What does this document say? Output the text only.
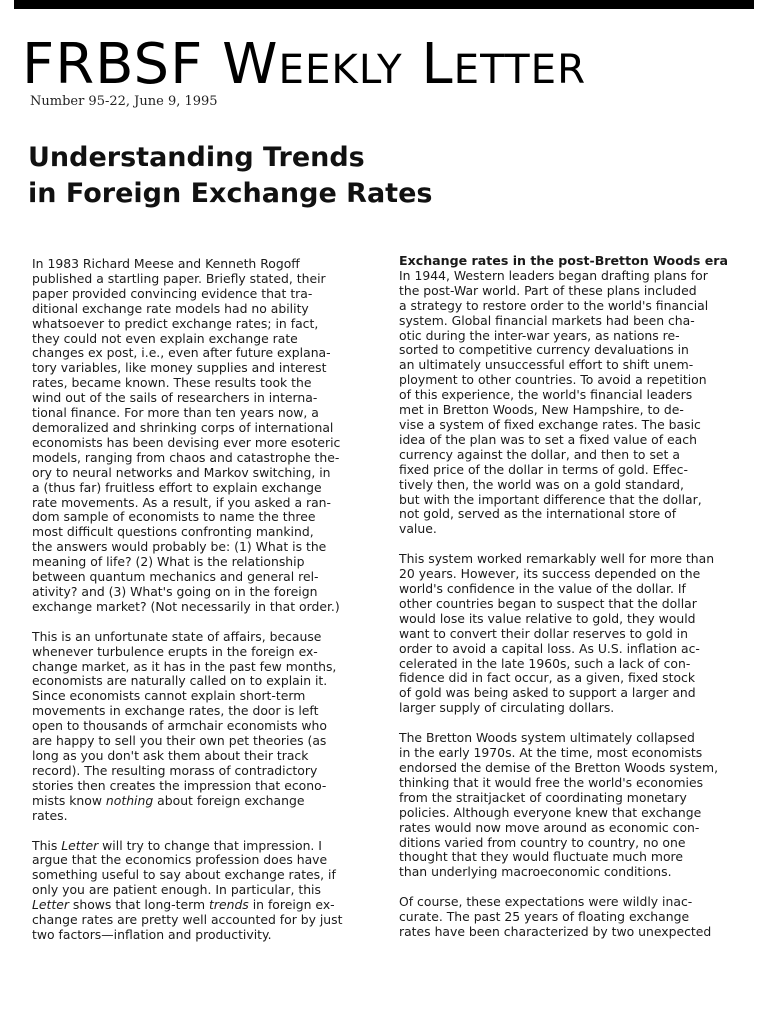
FRBSF WEEKLY LETTER
Number 95-22, June 9, 1995
Understanding Trends
in Foreign Exchange Rates

In 1983 Richard Meese and Kenneth Rogoff
published a startling paper. Briefly stated, their
paper provided convincing evidence that tra-
ditional exchange rate models had no ability
whatsoever to predict exchange rates; in fact,
they could not even explain exchange rate
changes ex post, i.e., even after future explana-
tory variables, like money supplies and interest
rates, became known. These results took the
wind out of the sails of researchers in interna-
tional finance. For more than ten years now, a
demoralized and shrinking corps of international
economists has been devising ever more esoteric
models, ranging from chaos and catastrophe the-
ory to neural networks and Markov switching, in
a (thus far) fruitless effort to explain exchange
rate movements. As a result, if you asked a ran-
dom sample of economists to name the three
most difficult questions confronting mankind,
the answers would probably be: (1) What is the
meaning of life? (2) What is the relationship
between quantum mechanics and general rel-
ativity? and (3) What's going on in the foreign
exchange market? (Not necessarily in that order.)

This is an unfortunate state of affairs, because
whenever turbulence erupts in the foreign ex-
change market, as it has in the past few months,
economists are naturally called on to explain it.
Since economists cannot explain short-term
movements in exchange rates, the door is left
open to thousands of armchair economists who
are happy to sell you their own pet theories (as
long as you don't ask them about their track
record). The resulting morass of contradictory
stories then creates the impression that econo-
mists know nothing about foreign exchange
rates.

This Letter will try to change that impression. I
argue that the economics profession does have
something useful to say about exchange rates, if
only you are patient enough. In particular, this
Letter shows that long-term trends in foreign ex-
change rates are pretty well accounted for by just
two factors—inflation and productivity.

Exchange rates in the post-Bretton Woods era

In 1944, Western leaders began drafting plans for
the post-War world. Part of these plans included
a strategy to restore order to the world's financial
system. Global financial markets had been cha-
otic during the inter-war years, as nations re-
sorted to competitive currency devaluations in
an ultimately unsuccessful effort to shift unem-
ployment to other countries. To avoid a repetition
of this experience, the world's financial leaders
met in Bretton Woods, New Hampshire, to de-
vise a system of fixed exchange rates. The basic
idea of the plan was to set a fixed value of each
currency against the dollar, and then to set a
fixed price of the dollar in terms of gold. Effec-
tively then, the world was on a gold standard,
but with the important difference that the dollar,
not gold, served as the international store of
value.

This system worked remarkably well for more than
20 years. However, its success depended on the
world's confidence in the value of the dollar. If
other countries began to suspect that the dollar
would lose its value relative to gold, they would
want to convert their dollar reserves to gold in
order to avoid a capital loss. As U.S. inflation ac-
celerated in the late 1960s, such a lack of con-
fidence did in fact occur, as a given, fixed stock
of gold was being asked to support a larger and
larger supply of circulating dollars.

The Bretton Woods system ultimately collapsed
in the early 1970s. At the time, most economists
endorsed the demise of the Bretton Woods system,
thinking that it would free the world's economies
from the straitjacket of coordinating monetary
policies. Although everyone knew that exchange
rates would now move around as economic con-
ditions varied from country to country, no one
thought that they would fluctuate much more
than underlying macroeconomic conditions.

Of course, these expectations were wildly inac-
curate. The past 25 years of floating exchange
rates have been characterized by two unexpected
